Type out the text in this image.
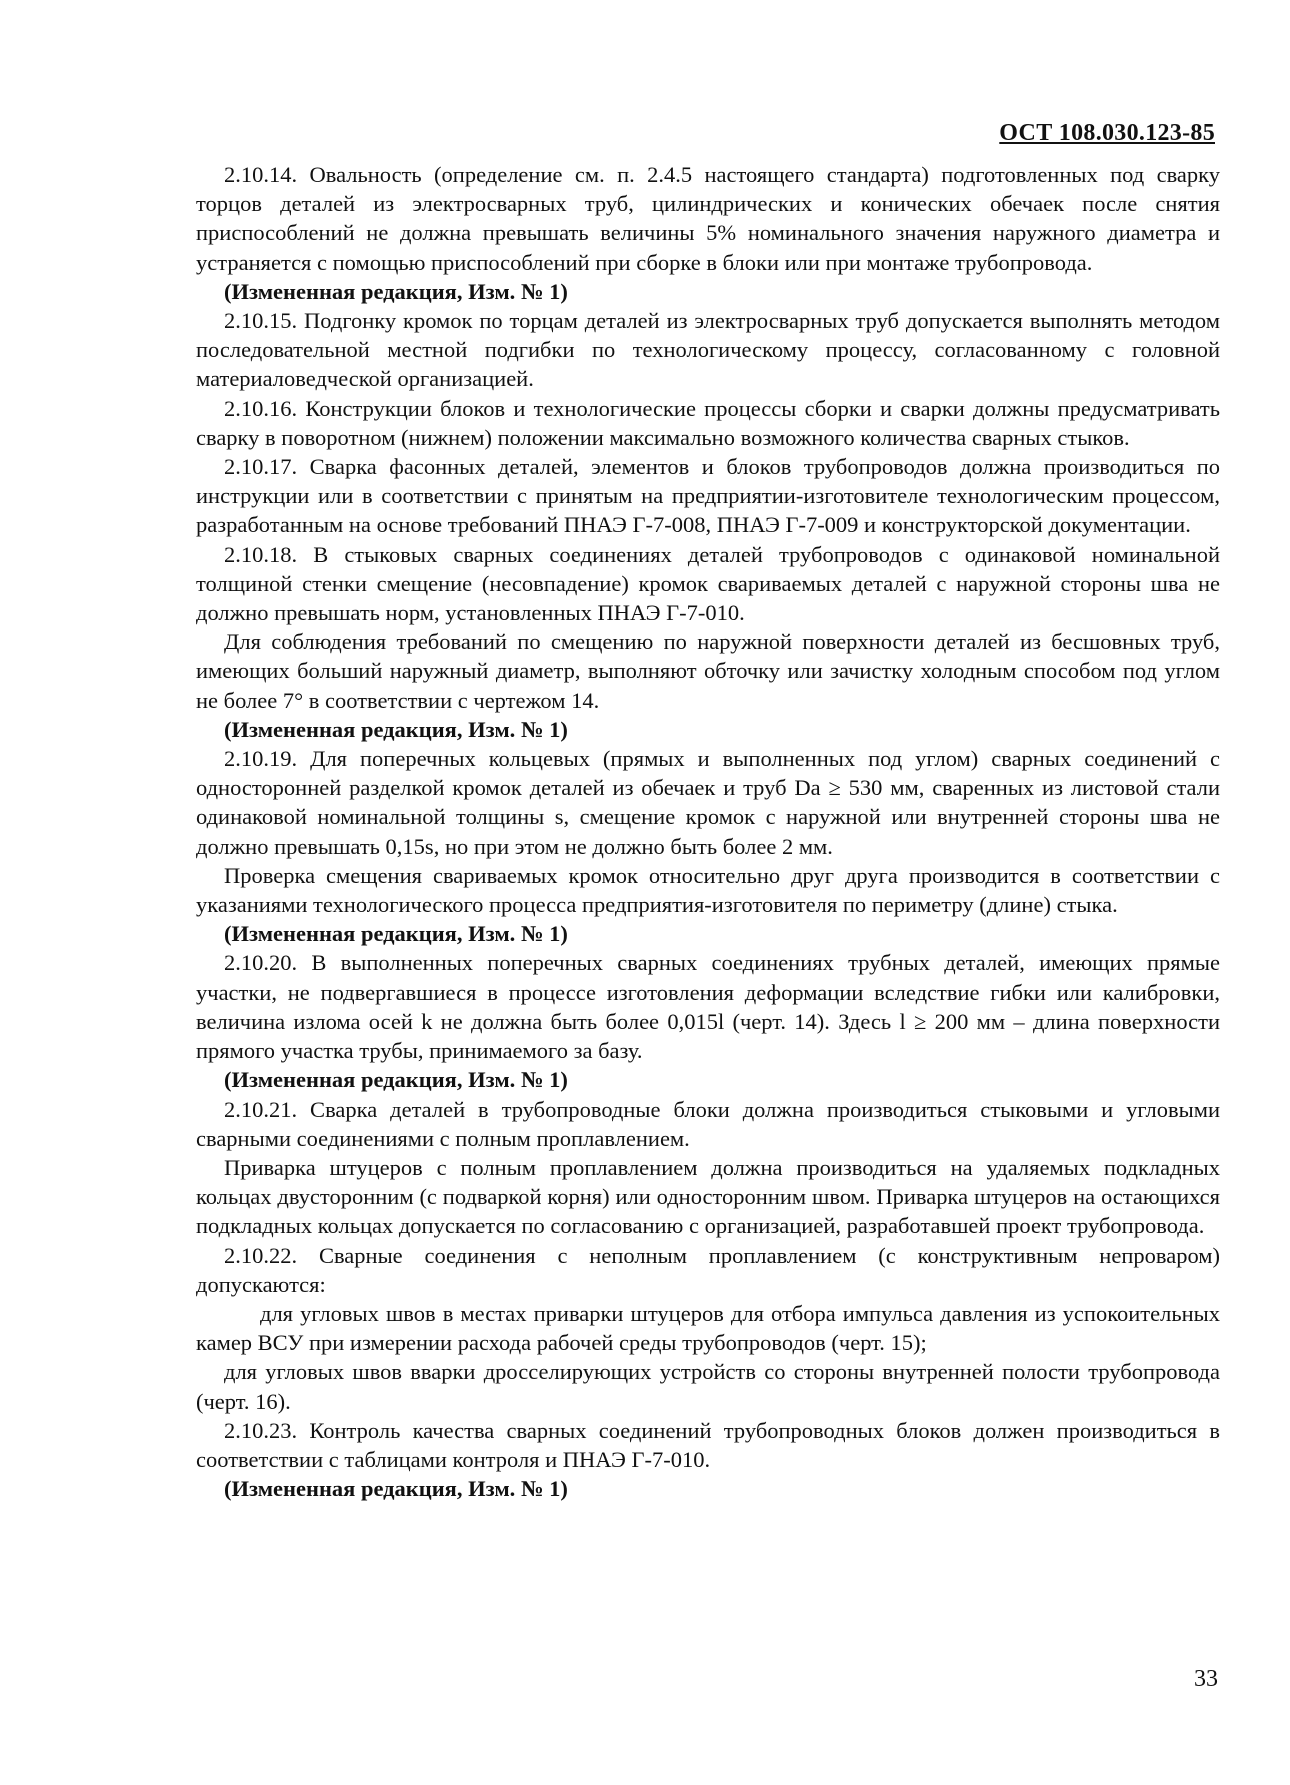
ОСТ 108.030.123-85

2.10.14. Овальность (определение см. п. 2.4.5 настоящего стандарта) подготовленных под сварку торцов деталей из электросварных труб, цилиндрических и конических обечаек после снятия приспособлений не должна превышать величины 5% номинального значения наружного диаметра и устраняется с помощью приспособлений при сборке в блоки или при монтаже трубопровода.

(Измененная редакция, Изм. № 1)

2.10.15. Подгонку кромок по торцам деталей из электросварных труб допускается выполнять методом последовательной местной подгибки по технологическому процессу, согласованному с головной материаловедческой организацией.

2.10.16. Конструкции блоков и технологические процессы сборки и сварки должны предусматривать сварку в поворотном (нижнем) положении максимально возможного количества сварных стыков.

2.10.17. Сварка фасонных деталей, элементов и блоков трубопроводов должна производиться по инструкции или в соответствии с принятым на предприятии-изготовителе технологическим процессом, разработанным на основе требований ПНАЭ Г-7-008, ПНАЭ Г-7-009 и конструкторской документации.

2.10.18. В стыковых сварных соединениях деталей трубопроводов с одинаковой номинальной толщиной стенки смещение (несовпадение) кромок свариваемых деталей с наружной стороны шва не должно превышать норм, установленных ПНАЭ Г-7-010.

Для соблюдения требований по смещению по наружной поверхности деталей из бесшовных труб, имеющих больший наружный диаметр, выполняют обточку или зачистку холодным способом под углом не более 7° в соответствии с чертежом 14.

(Измененная редакция, Изм. № 1)

2.10.19. Для поперечных кольцевых (прямых и выполненных под углом) сварных соединений с односторонней разделкой кромок деталей из обечаек и труб Da ≥ 530 мм, сваренных из листовой стали одинаковой номинальной толщины s, смещение кромок с наружной или внутренней стороны шва не должно превышать 0,15s, но при этом не должно быть более 2 мм.

Проверка смещения свариваемых кромок относительно друг друга производится в соответствии с указаниями технологического процесса предприятия-изготовителя по периметру (длине) стыка.

(Измененная редакция, Изм. № 1)

2.10.20. В выполненных поперечных сварных соединениях трубных деталей, имеющих прямые участки, не подвергавшиеся в процессе изготовления деформации вследствие гибки или калибровки, величина излома осей k не должна быть более 0,015l (черт. 14). Здесь l ≥ 200 мм – длина поверхности прямого участка трубы, принимаемого за базу.

(Измененная редакция, Изм. № 1)

2.10.21. Сварка деталей в трубопроводные блоки должна производиться стыковыми и угловыми сварными соединениями с полным проплавлением.

Приварка штуцеров с полным проплавлением должна производиться на удаляемых подкладных кольцах двусторонним (с подваркой корня) или односторонним швом. Приварка штуцеров на остающихся подкладных кольцах допускается по согласованию с организацией, разработавшей проект трубопровода.

2.10.22. Сварные соединения с неполным проплавлением (с конструктивным непроваром) допускаются:

для угловых швов в местах приварки штуцеров для отбора импульса давления из успокоительных камер ВСУ при измерении расхода рабочей среды трубопроводов (черт. 15);

для угловых швов вварки дросселирующих устройств со стороны внутренней полости трубопровода (черт. 16).

2.10.23. Контроль качества сварных соединений трубопроводных блоков должен производиться в соответствии с таблицами контроля и ПНАЭ Г-7-010.

(Измененная редакция, Изм. № 1)

33
